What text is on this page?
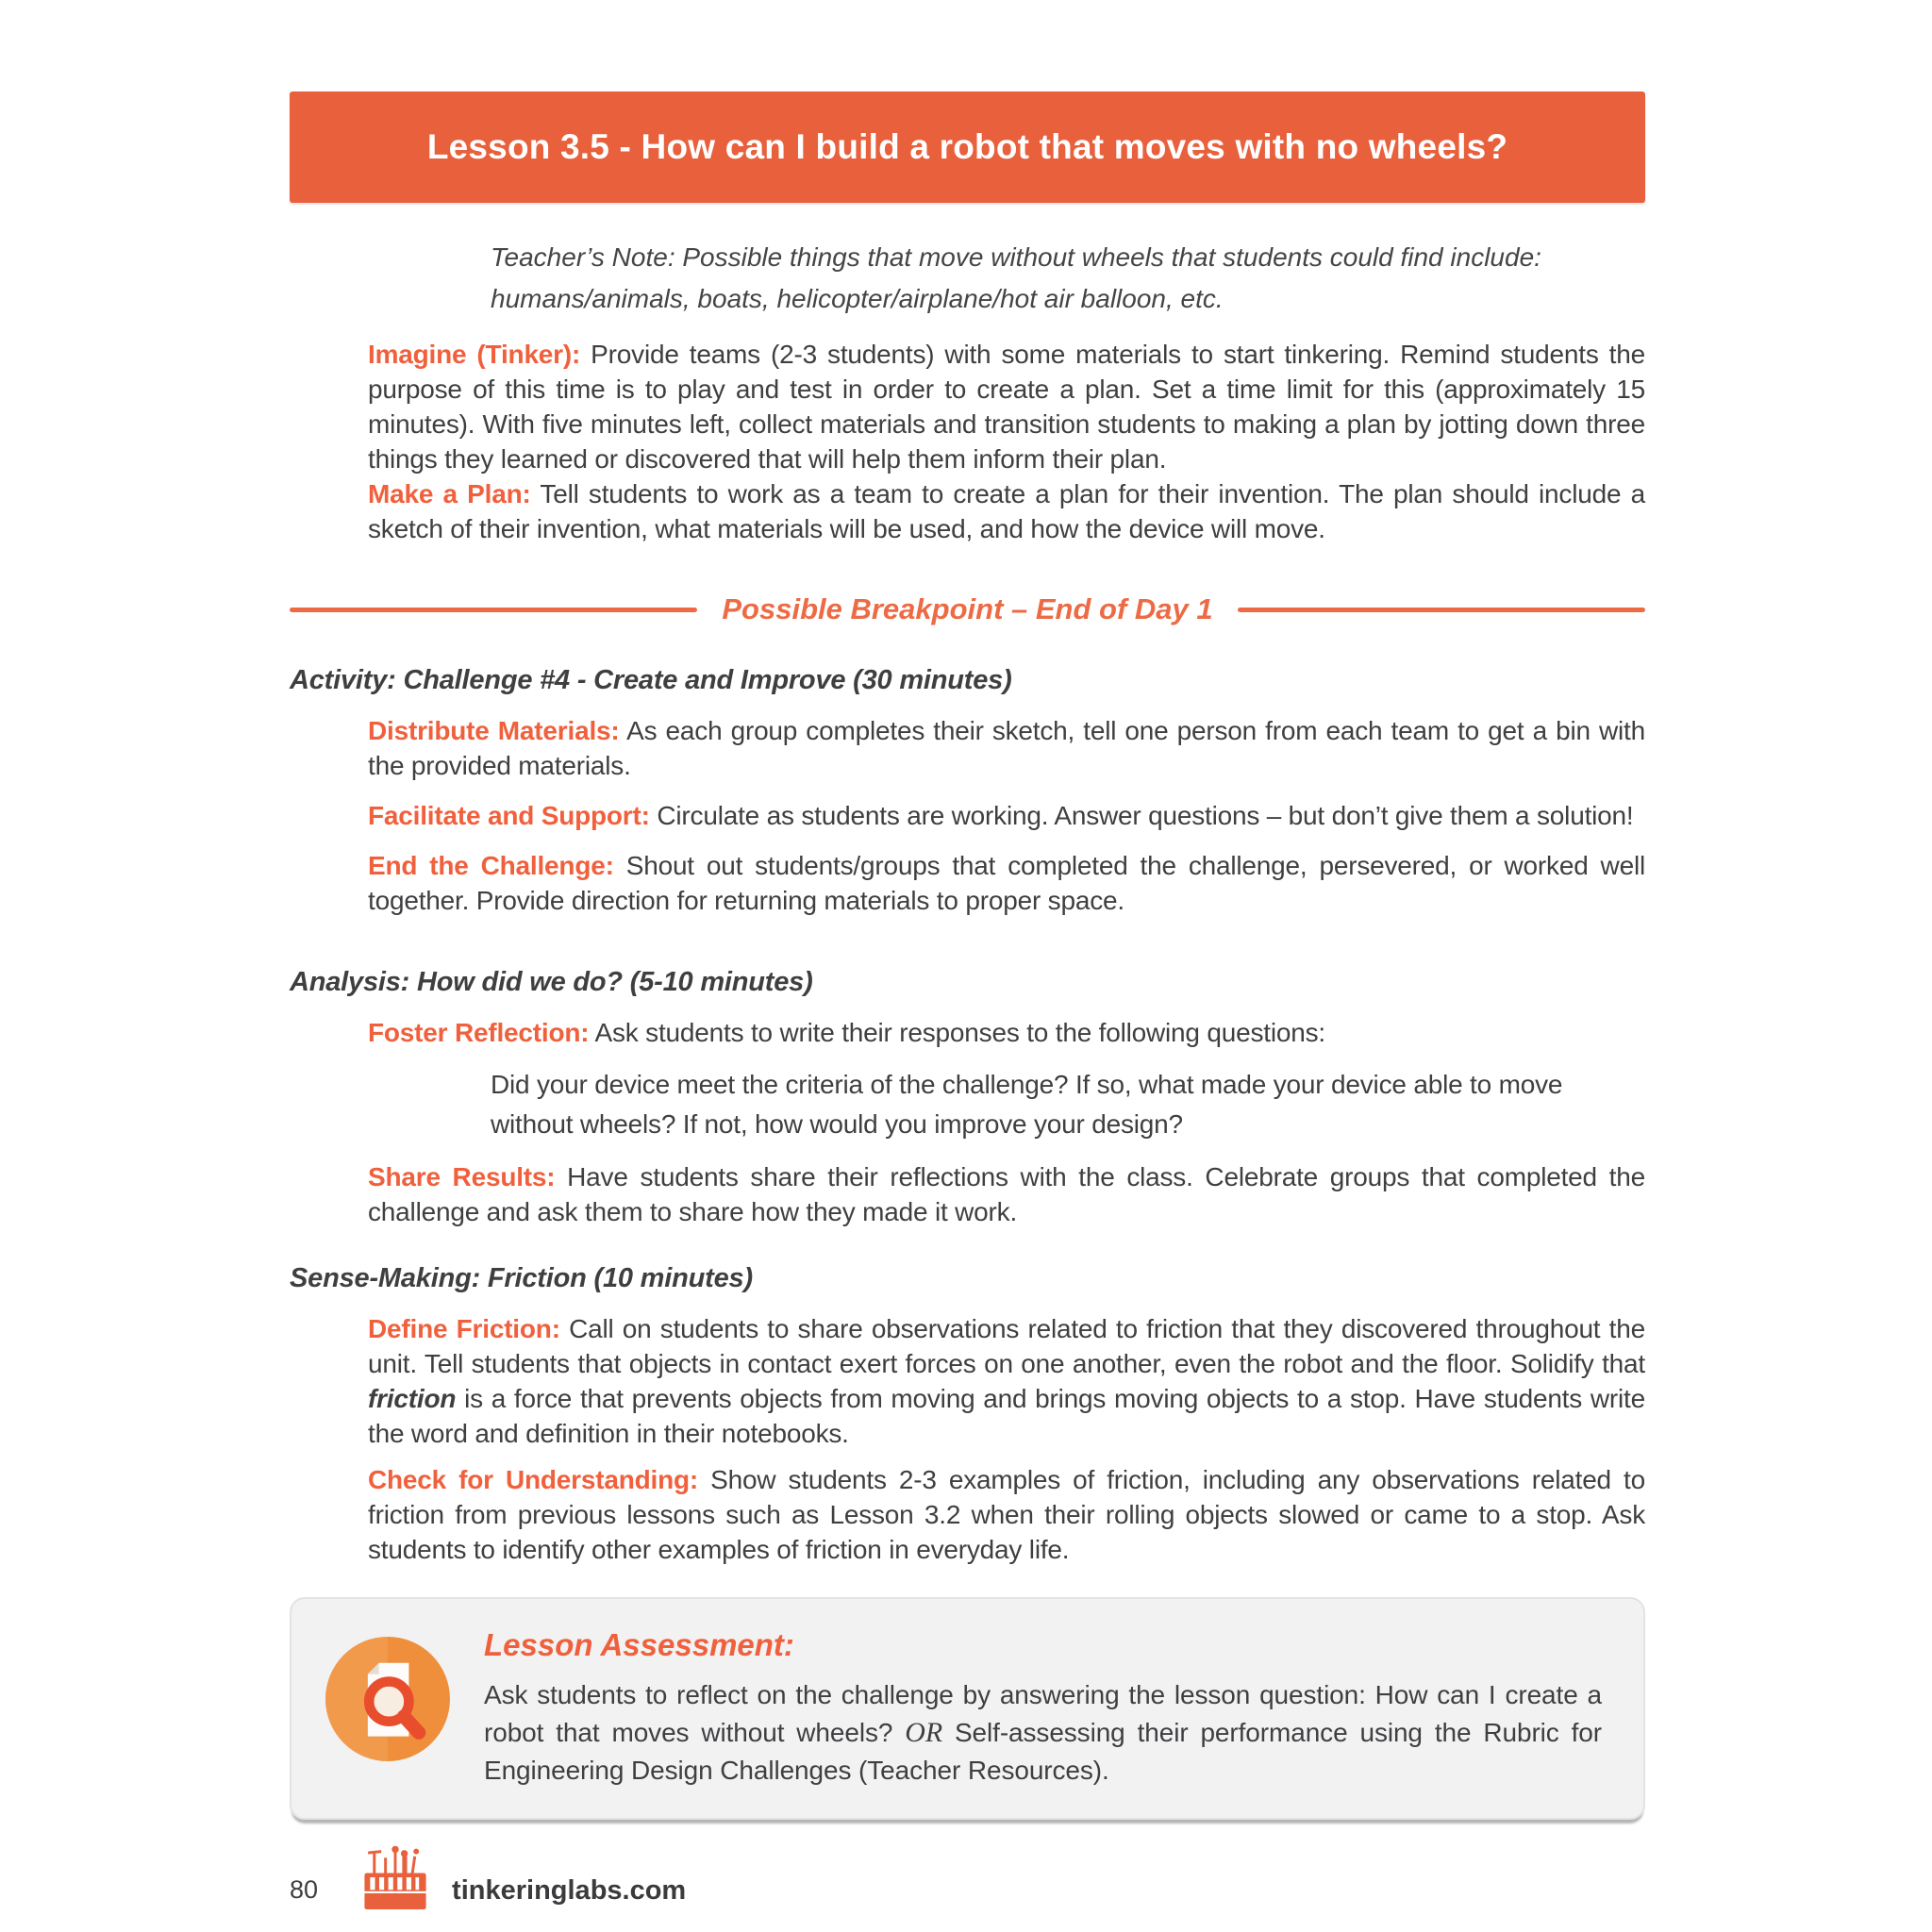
Lesson 3.5 - How can I build a robot that moves with no wheels?
Teacher’s Note: Possible things that move without wheels that students could find include: humans/animals, boats, helicopter/airplane/hot air balloon, etc.

Imagine (Tinker): Provide teams (2-3 students) with some materials to start tinkering. Remind students the purpose of this time is to play and test in order to create a plan. Set a time limit for this (approximately 15 minutes). With five minutes left, collect materials and transition students to making a plan by jotting down three things they learned or discovered that will help them inform their plan.

Make a Plan: Tell students to work as a team to create a plan for their invention. The plan should include a sketch of their invention, what materials will be used, and how the device will move.

Possible Breakpoint – End of Day 1
Activity: Challenge #4 - Create and Improve (30 minutes)

Distribute Materials: As each group completes their sketch, tell one person from each team to get a bin with the provided materials.

Facilitate and Support: Circulate as students are working. Answer questions – but don’t give them a solution!

End the Challenge: Shout out students/groups that completed the challenge, persevered, or worked well together. Provide direction for returning materials to proper space.

Analysis: How did we do? (5-10 minutes)

Foster Reflection: Ask students to write their responses to the following questions:

Did your device meet the criteria of the challenge? If so, what made your device able to move without wheels? If not, how would you improve your design?

Share Results: Have students share their reflections with the class. Celebrate groups that completed the challenge and ask them to share how they made it work.

Sense-Making: Friction (10 minutes)

Define Friction: Call on students to share observations related to friction that they discovered throughout the unit. Tell students that objects in contact exert forces on one another, even the robot and the floor. Solidify that friction is a force that prevents objects from moving and brings moving objects to a stop. Have students write the word and definition in their notebooks.

Check for Understanding: Show students 2-3 examples of friction, including any observations related to friction from previous lessons such as Lesson 3.2 when their rolling objects slowed or came to a stop. Ask students to identify other examples of friction in everyday life.

Lesson Assessment:
Ask students to reflect on the challenge by answering the lesson question: How can I create a robot that moves without wheels? OR Self-assessing their performance using the Rubric for Engineering Design Challenges (Teacher Resources).
80	tinkeringlabs.com
